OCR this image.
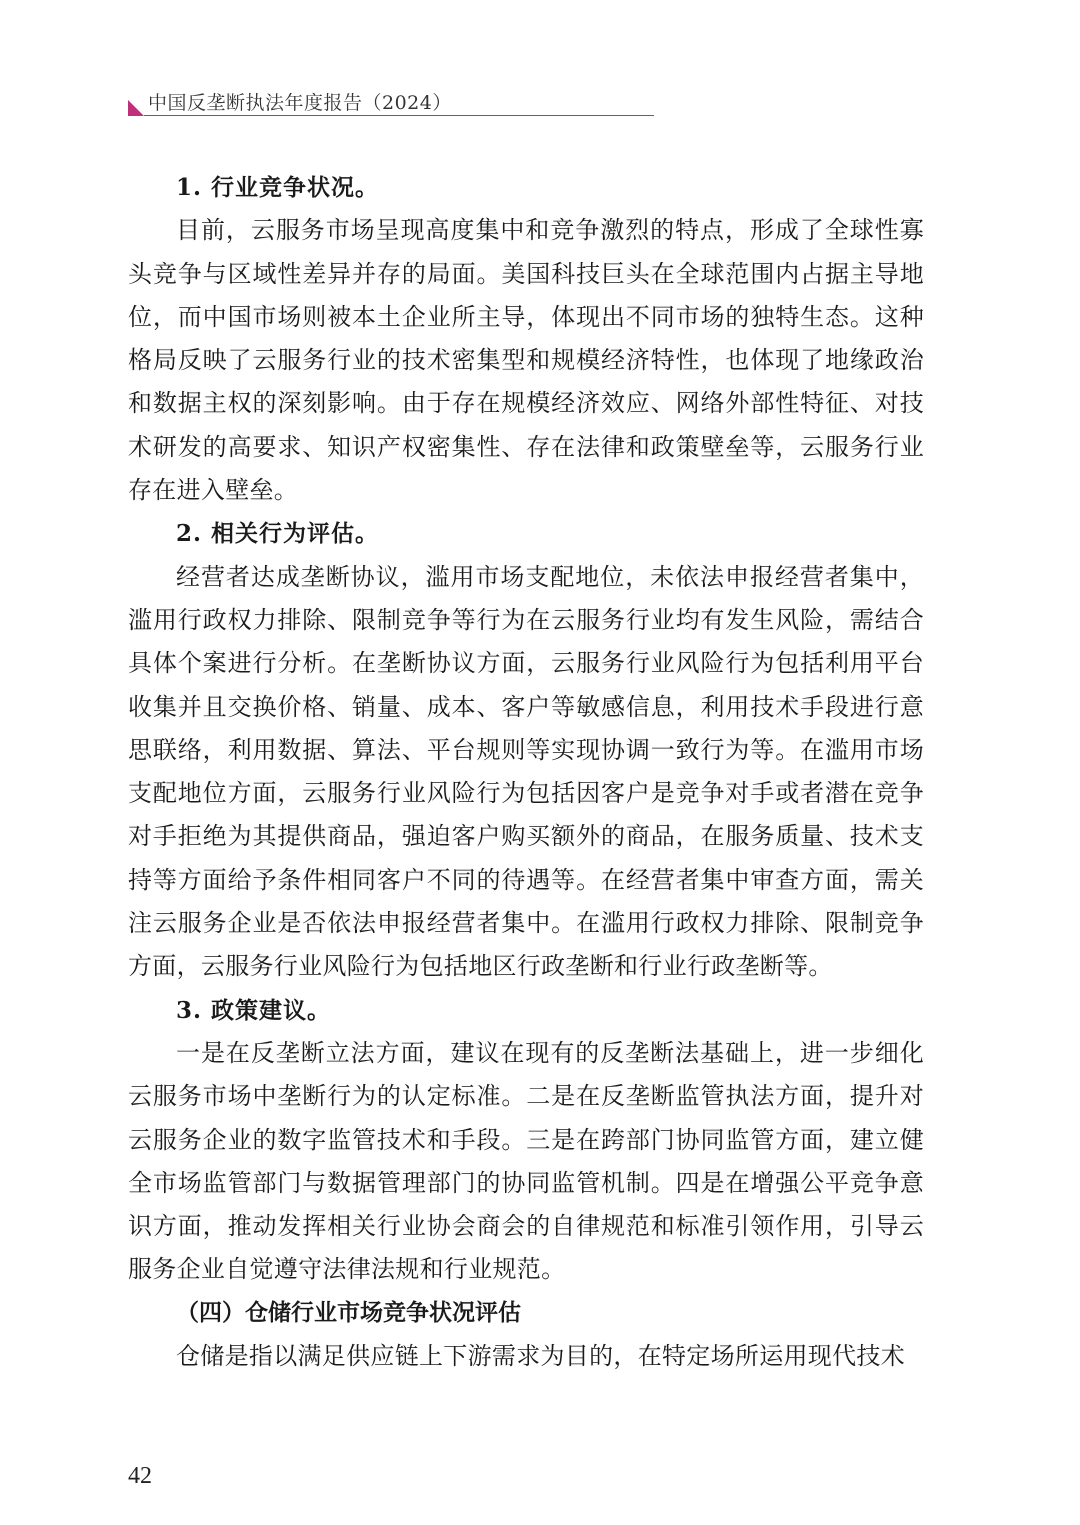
中国反垄断执法年度报告（2024）

1. 行业竞争状况。

目前，云服务市场呈现高度集中和竞争激烈的特点，形成了全球性寡头竞争与区域性差异并存的局面。美国科技巨头在全球范围内占据主导地位，而中国市场则被本土企业所主导，体现出不同市场的独特生态。这种格局反映了云服务行业的技术密集型和规模经济特性，也体现了地缘政治和数据主权的深刻影响。由于存在规模经济效应、网络外部性特征、对技术研发的高要求、知识产权密集性、存在法律和政策壁垒等，云服务行业存在进入壁垒。

2. 相关行为评估。

经营者达成垄断协议，滥用市场支配地位，未依法申报经营者集中，滥用行政权力排除、限制竞争等行为在云服务行业均有发生风险，需结合具体个案进行分析。在垄断协议方面，云服务行业风险行为包括利用平台收集并且交换价格、销量、成本、客户等敏感信息，利用技术手段进行意思联络，利用数据、算法、平台规则等实现协调一致行为等。在滥用市场支配地位方面，云服务行业风险行为包括因客户是竞争对手或者潜在竞争对手拒绝为其提供商品，强迫客户购买额外的商品，在服务质量、技术支持等方面给予条件相同客户不同的待遇等。在经营者集中审查方面，需关注云服务企业是否依法申报经营者集中。在滥用行政权力排除、限制竞争方面，云服务行业风险行为包括地区行政垄断和行业行政垄断等。

3. 政策建议。

一是在反垄断立法方面，建议在现有的反垄断法基础上，进一步细化云服务市场中垄断行为的认定标准。二是在反垄断监管执法方面，提升对云服务企业的数字监管技术和手段。三是在跨部门协同监管方面，建立健全市场监管部门与数据管理部门的协同监管机制。四是在增强公平竞争意识方面，推动发挥相关行业协会商会的自律规范和标准引领作用，引导云服务企业自觉遵守法律法规和行业规范。

（四）仓储行业市场竞争状况评估

仓储是指以满足供应链上下游需求为目的，在特定场所运用现代技术

42
